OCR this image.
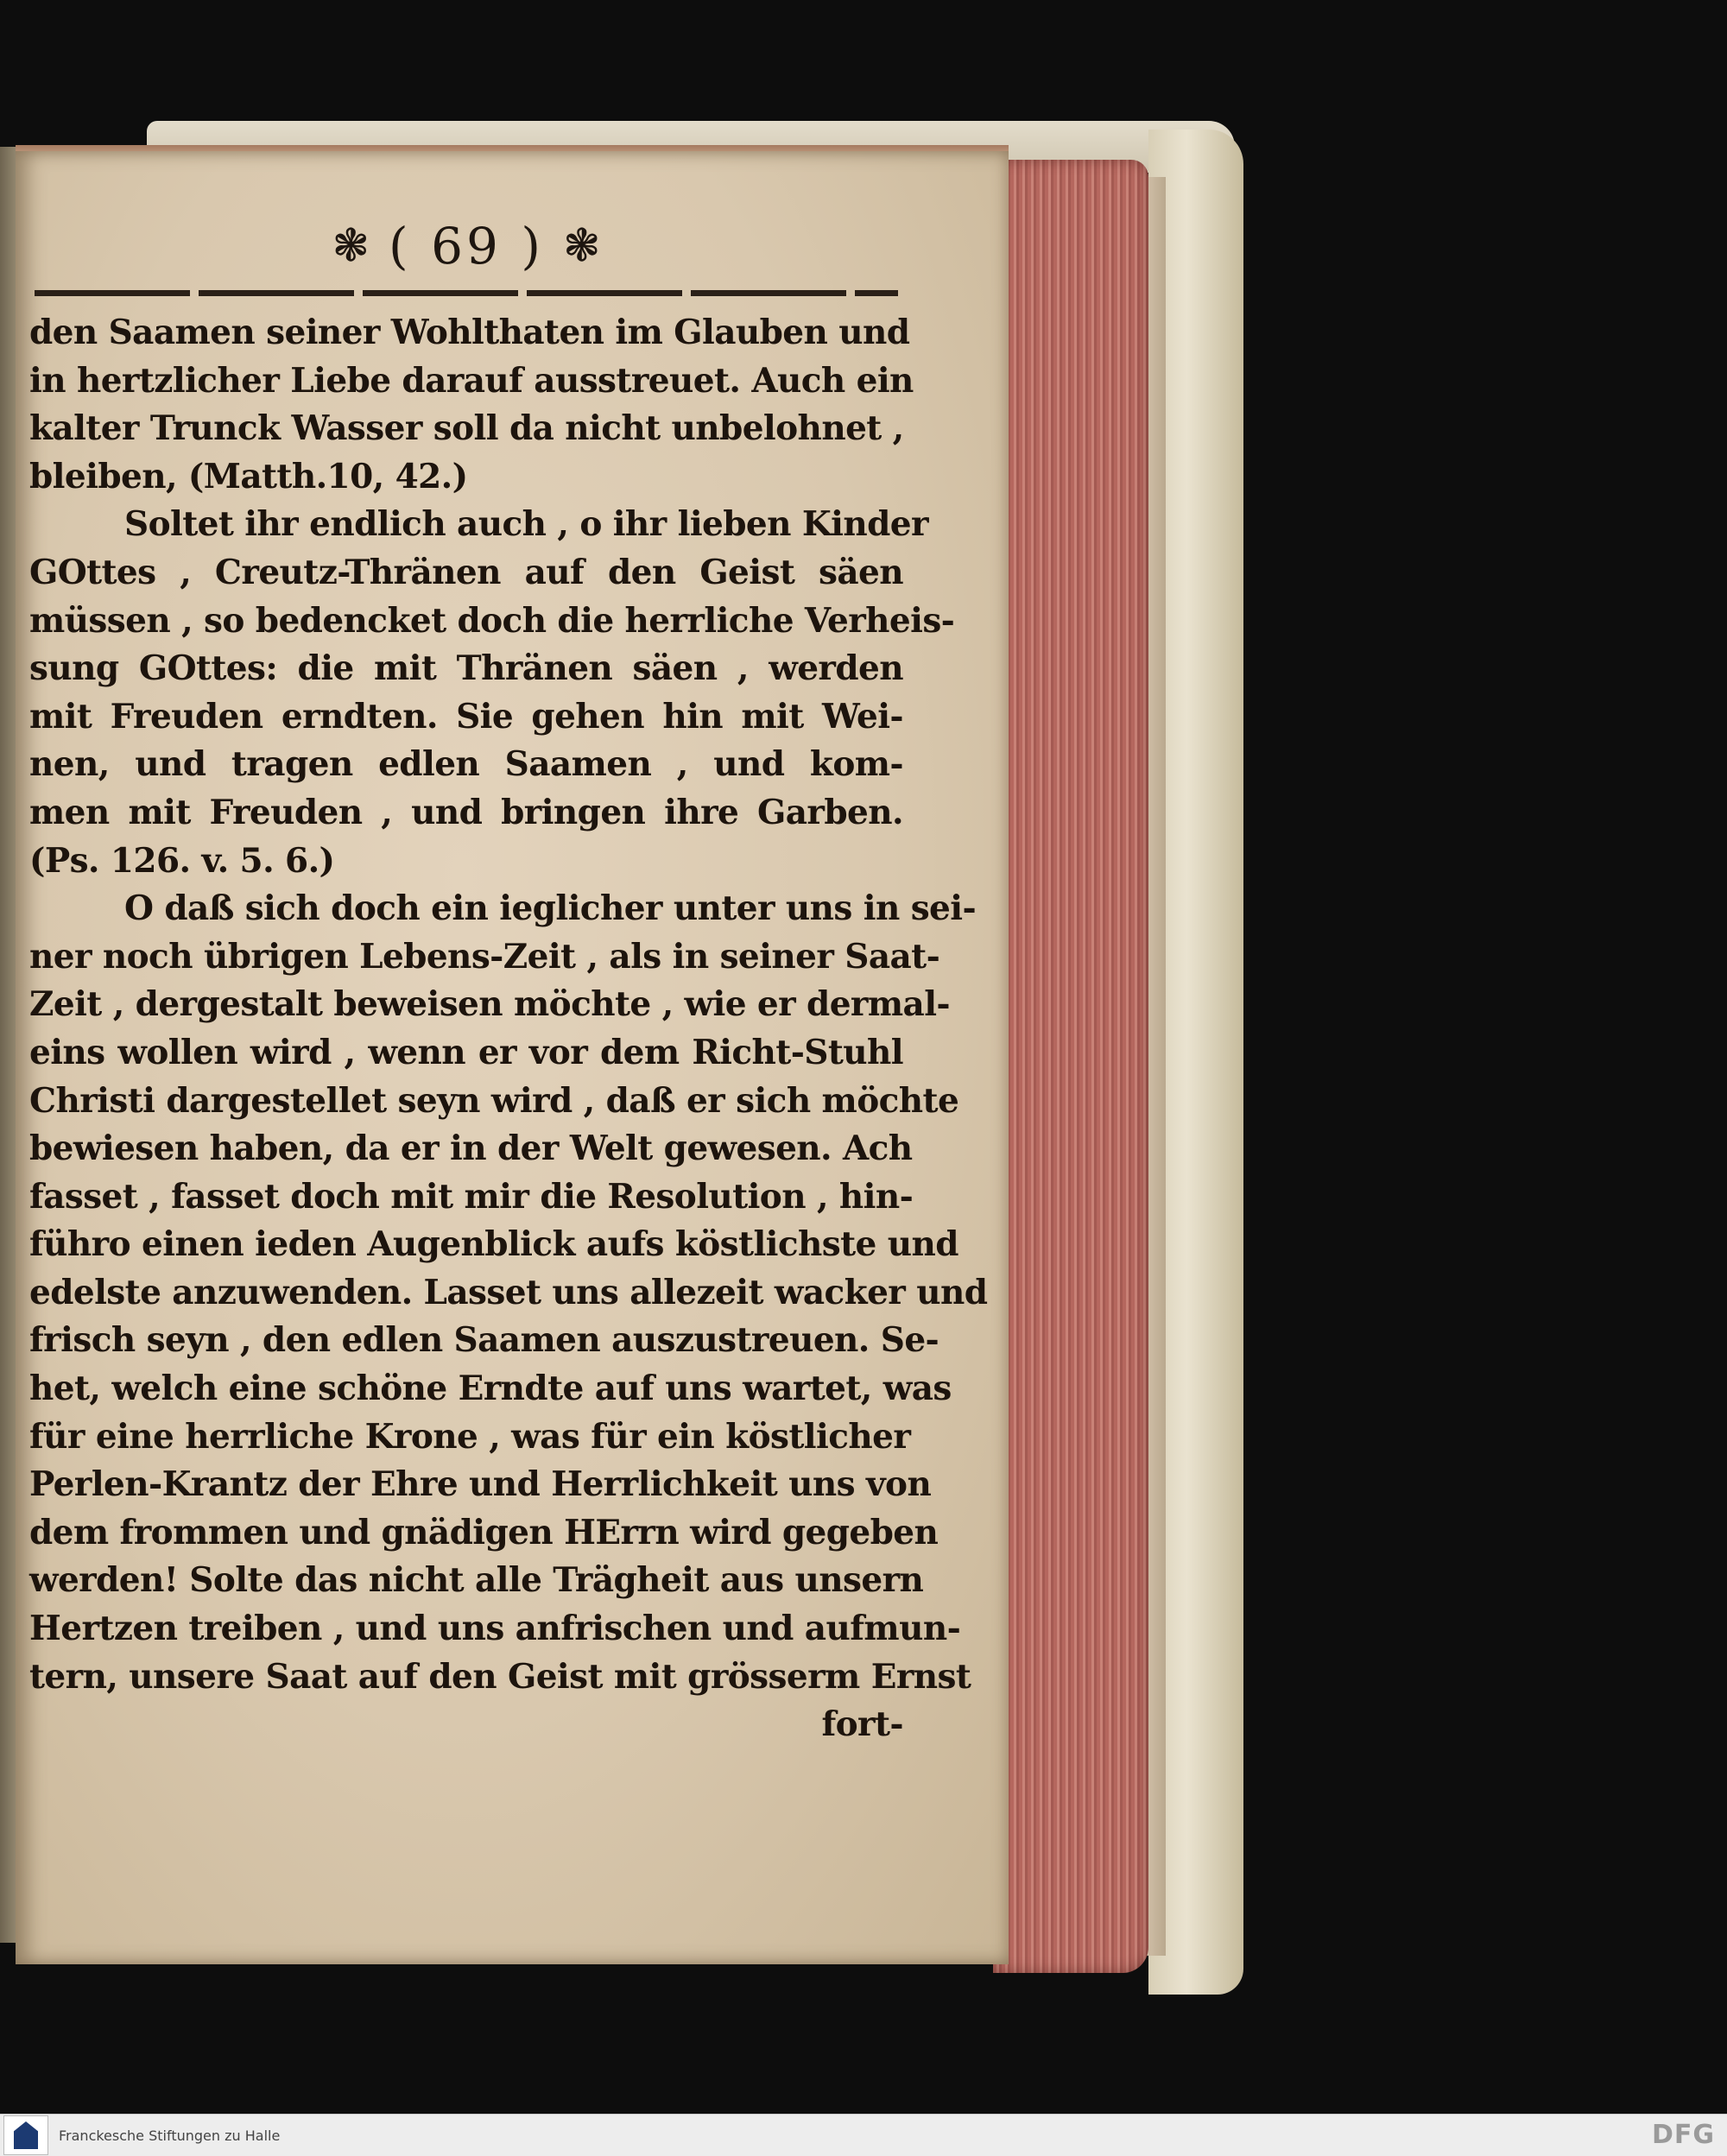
❃ ( 69 ) ❃
den Saamen seiner Wohlthaten im Glauben und
in hertzlicher Liebe darauf ausstreuet. Auch ein
kalter Trunck Wasser soll da nicht unbelohnet ,
bleiben, (Matth.10, 42.)
Soltet ihr endlich auch , o ihr lieben Kinder
GOttes , Creutz-Thränen auf den Geist säen
müssen , so bedencket doch die herrliche Verheis-
sung GOttes: die mit Thränen säen , werden
mit Freuden erndten. Sie gehen hin mit Wei-
nen, und tragen edlen Saamen , und kom-
men mit Freuden , und bringen ihre Garben.
(Ps. 126. v. 5. 6.)
O daß sich doch ein ieglicher unter uns in sei-
ner noch übrigen Lebens-Zeit , als in seiner Saat-
Zeit , dergestalt beweisen möchte , wie er dermal-
eins wollen wird , wenn er vor dem Richt-Stuhl
Christi dargestellet seyn wird , daß er sich möchte
bewiesen haben, da er in der Welt gewesen. Ach
fasset , fasset doch mit mir die Resolution , hin-
führo einen ieden Augenblick aufs köstlichste und
edelste anzuwenden. Lasset uns allezeit wacker und
frisch seyn , den edlen Saamen auszustreuen. Se-
het, welch eine schöne Erndte auf uns wartet, was
für eine herrliche Krone , was für ein köstlicher
Perlen-Krantz der Ehre und Herrlichkeit uns von
dem frommen und gnädigen HErrn wird gegeben
werden! Solte das nicht alle Trägheit aus unsern
Hertzen treiben , und uns anfrischen und aufmun-
tern, unsere Saat auf den Geist mit grösserm Ernst
fort-
Franckesche Stiftungen zu Halle	DFG
